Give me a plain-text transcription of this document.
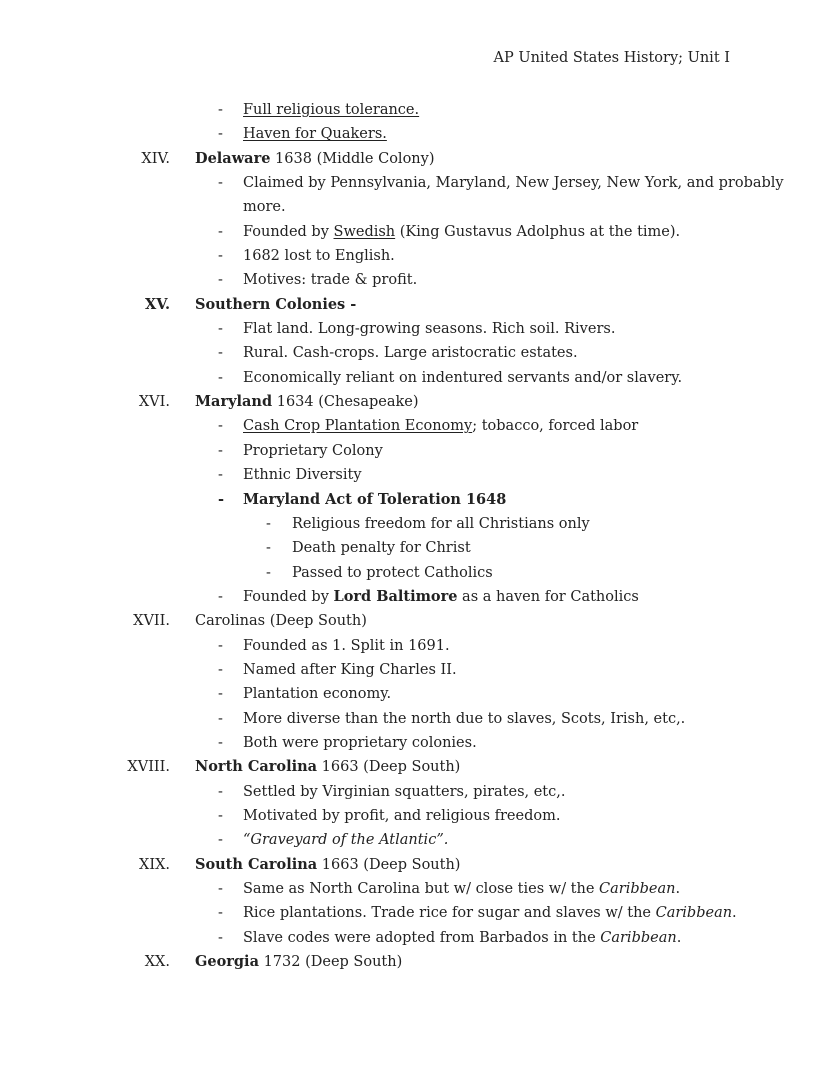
AP United States History; Unit I
- Full religious tolerance.
- Haven for Quakers.
XIV. Delaware 1638 (Middle Colony)
- Claimed by Pennsylvania, Maryland, New Jersey, New York, and probably
more.
- Founded by Swedish (King Gustavus Adolphus at the time).
- 1682 lost to English.
- Motives: trade & profit.
XV. Southern Colonies -
- Flat land. Long-growing seasons. Rich soil. Rivers.
- Rural. Cash-crops. Large aristocratic estates.
- Economically reliant on indentured servants and/or slavery.
XVI. Maryland 1634 (Chesapeake)
- Cash Crop Plantation Economy; tobacco, forced labor
- Proprietary Colony
- Ethnic Diversity
- Maryland Act of Toleration 1648
- Religious freedom for all Christians only
- Death penalty for Christ
- Passed to protect Catholics
- Founded by Lord Baltimore as a haven for Catholics
XVII. Carolinas (Deep South)
- Founded as 1. Split in 1691.
- Named after King Charles II.
- Plantation economy.
- More diverse than the north due to slaves, Scots, Irish, etc,.
- Both were proprietary colonies.
XVIII. North Carolina 1663 (Deep South)
- Settled by Virginian squatters, pirates, etc,.
- Motivated by profit, and religious freedom.
- “Graveyard of the Atlantic”.
XIX. South Carolina 1663 (Deep South)
- Same as North Carolina but w/ close ties w/ the Caribbean.
- Rice plantations. Trade rice for sugar and slaves w/ the Caribbean.
- Slave codes were adopted from Barbados in the Caribbean.
XX. Georgia 1732 (Deep South)
